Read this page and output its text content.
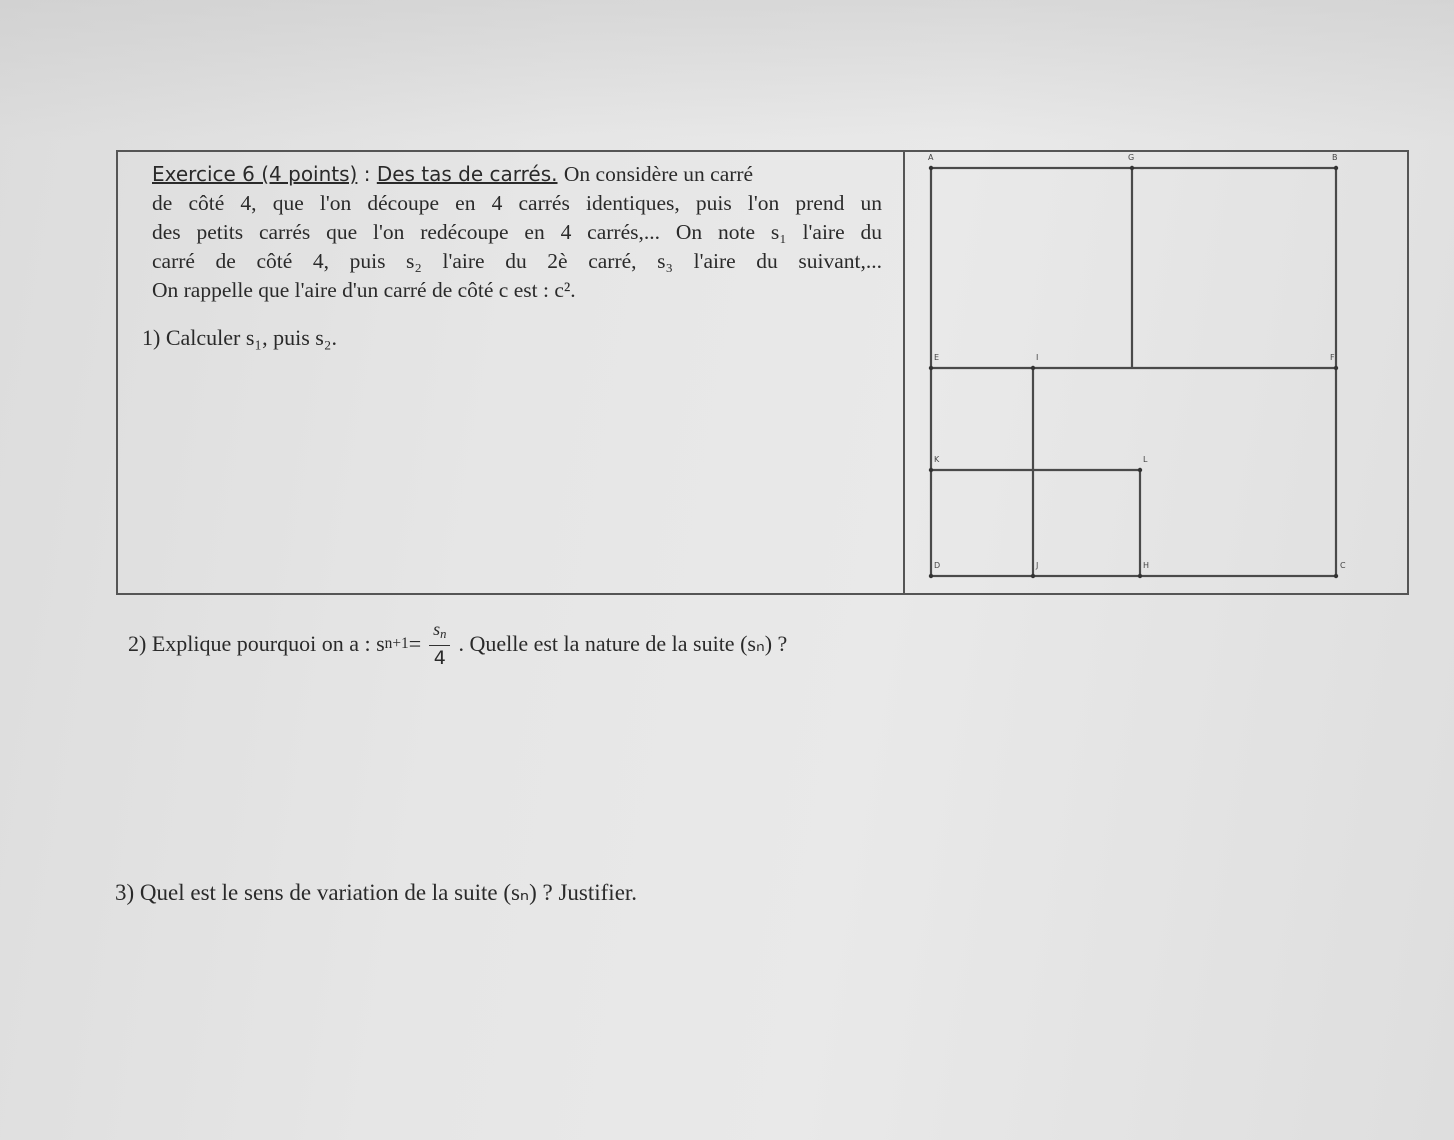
Exercice 6 (4 points) : Des tas de carrés. On considère un carré
de côté 4, que l'on découpe en 4 carrés identiques, puis l'on prend un
des petits carrés que l'on redécoupe en 4 carrés,... On note s₁ l'aire du
carré de côté 4, puis s₂ l'aire du 2è carré, s₃ l'aire du suivant,...
On rappelle que l'aire d'un carré de côté c est : c².
1) Calculer s₁, puis s₂.
2) Explique pourquoi on a : s $n+1 = \frac{s_n}{4}$ . Quelle est la nature de la suite (sₙ) ?
3) Quel est le sens de variation de la suite (sₙ) ? Justifier.
A	G	B
E	I	F
K	L
D	J	H	C
